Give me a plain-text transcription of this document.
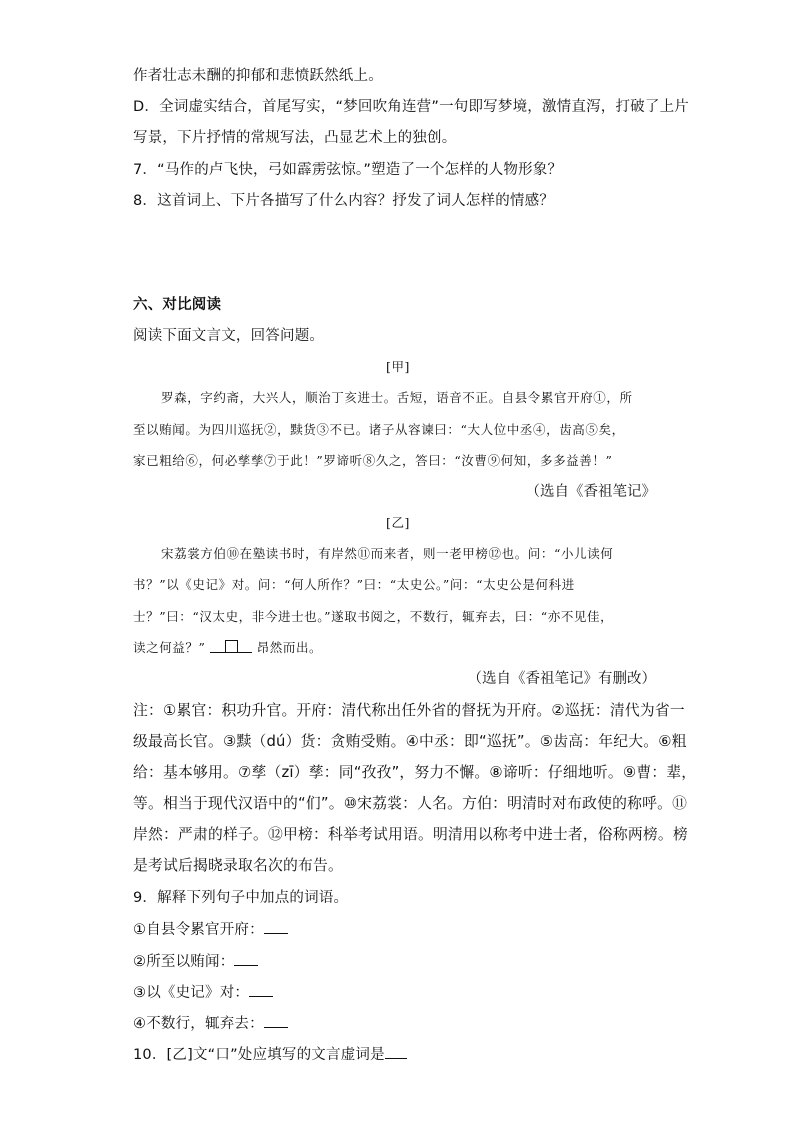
作者壮志未酬的抑郁和悲愤跃然纸上。
D．全词虚实结合，首尾写实，“梦回吹角连营”一句即写梦境，激情直泻，打破了上片
写景，下片抒情的常规写法，凸显艺术上的独创。
7．“马作的卢飞快，弓如霹雳弦惊。”塑造了一个怎样的人物形象？
8．这首词上、下片各描写了什么内容？抒发了词人怎样的情感？
六、对比阅读
阅读下面文言文，回答问题。
[甲]
罗森，字约斋，大兴人，顺治丁亥进士。舌短，语音不正。自县令累官开府①，所
至以贿闻。为四川巡抚②，黩货③不已。诸子从容谏曰：“大人位中丞④，齿高⑤矣，
家已粗给⑥，何必孳孳⑦于此！”罗谛听⑧久之，答曰：“汝曹⑨何知，多多益善！”
（选自《香祖笔记》
[乙]
宋荔裳方伯⑩在塾读书时，有岸然⑪而来者，则一老甲榜⑫也。问：“小儿读何
书？”以《史记》对。问：“何人所作？”曰：“太史公。”问：“太史公是何科进
士？”曰：“汉太史，非今进士也。”遂取书阅之，不数行，辄弃去，曰：“亦不见佳，
读之何益？”	昂然而出。
（选自《香祖笔记》有删改）
注：①累官：积功升官。开府：清代称出任外省的督抚为开府。②巡抚：清代为省一
级最高长官。③黩（dú）货：贪贿受贿。④中丞：即“巡抚”。⑤齿高：年纪大。⑥粗
给：基本够用。⑦孳（zī）孳：同“孜孜”，努力不懈。⑧谛听：仔细地听。⑨曹：辈，
等。相当于现代汉语中的“们”。⑩宋荔裳：人名。方伯：明清时对布政使的称呼。⑪
岸然：严肃的样子。⑫甲榜：科举考试用语。明清用以称考中进士者，俗称两榜。榜
是考试后揭晓录取名次的布告。
9．解释下列句子中加点的词语。
①自县令累官开府：
②所至以贿闻：
③以《史记》对：
④不数行，辄弃去：
10．[乙]文“口”处应填写的文言虚词是
